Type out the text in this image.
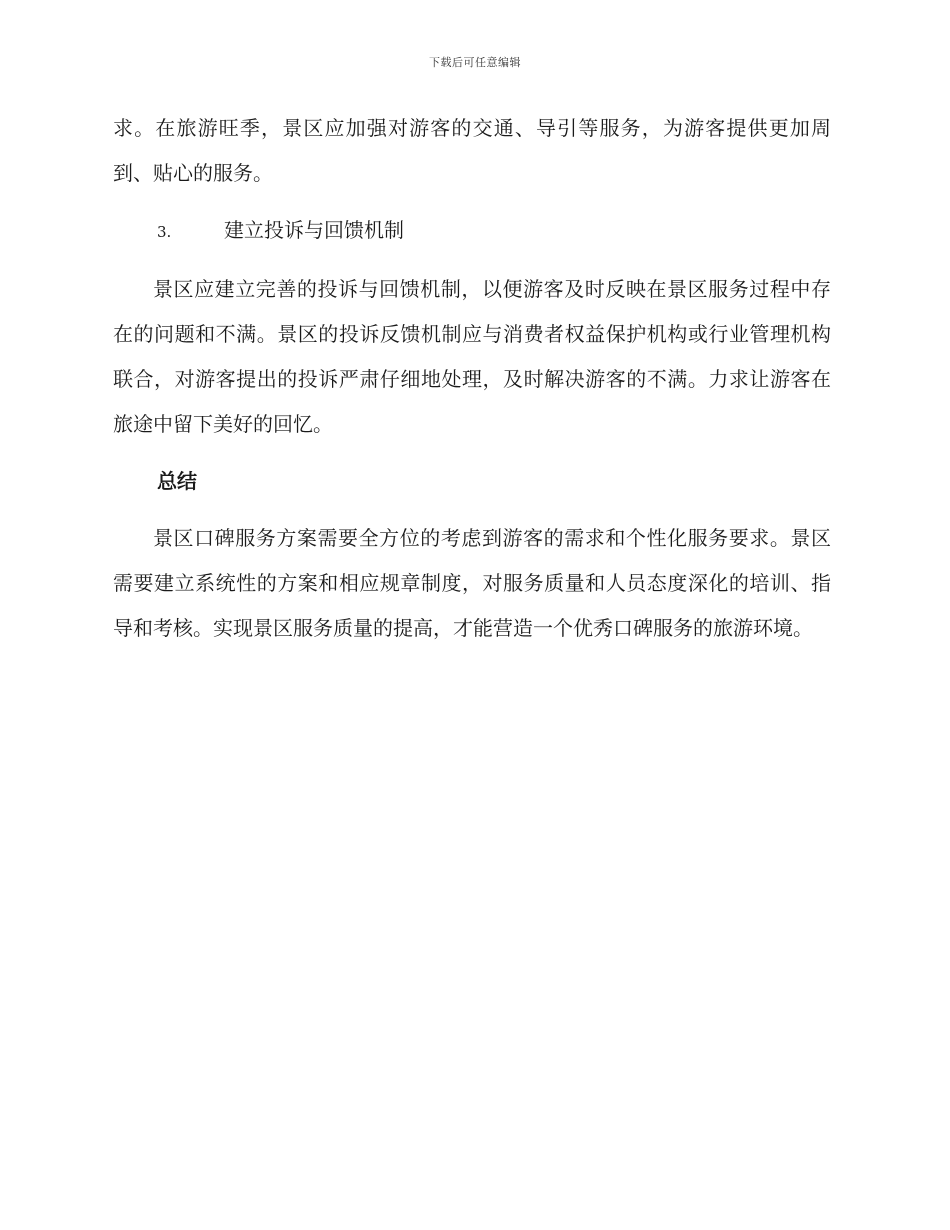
下载后可任意编辑

求。在旅游旺季，景区应加强对游客的交通、导引等服务，为游客提供更加周到、贴心的服务。

3.	建立投诉与回馈机制

景区应建立完善的投诉与回馈机制，以便游客及时反映在景区服务过程中存在的问题和不满。景区的投诉反馈机制应与消费者权益保护机构或行业管理机构联合，对游客提出的投诉严肃仔细地处理，及时解决游客的不满。力求让游客在旅途中留下美好的回忆。

总结

景区口碑服务方案需要全方位的考虑到游客的需求和个性化服务要求。景区需要建立系统性的方案和相应规章制度，对服务质量和人员态度深化的培训、指导和考核。实现景区服务质量的提高，才能营造一个优秀口碑服务的旅游环境。
